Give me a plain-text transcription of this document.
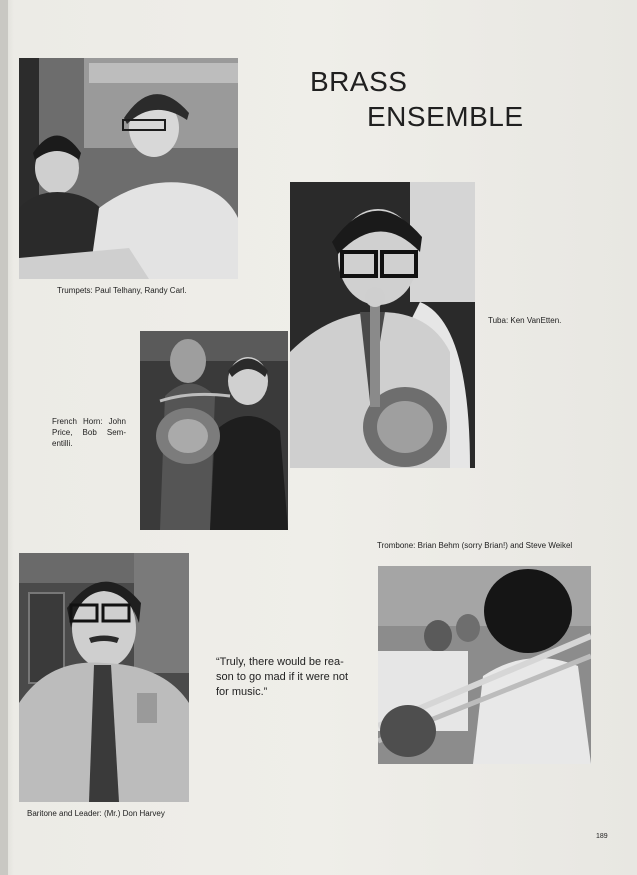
BRASS
ENSEMBLE

Trumpets: Paul Telhany, Randy Carl.

Tuba: Ken VanEtten.

French Horn: John Price, Bob Sem- entilli.

Trombone: Brian Behm (sorry Brian!) and Steve Weikel

Baritone and Leader: (Mr.) Don Harvey

“Truly, there would be rea- son to go mad if it were not for music.”

189
